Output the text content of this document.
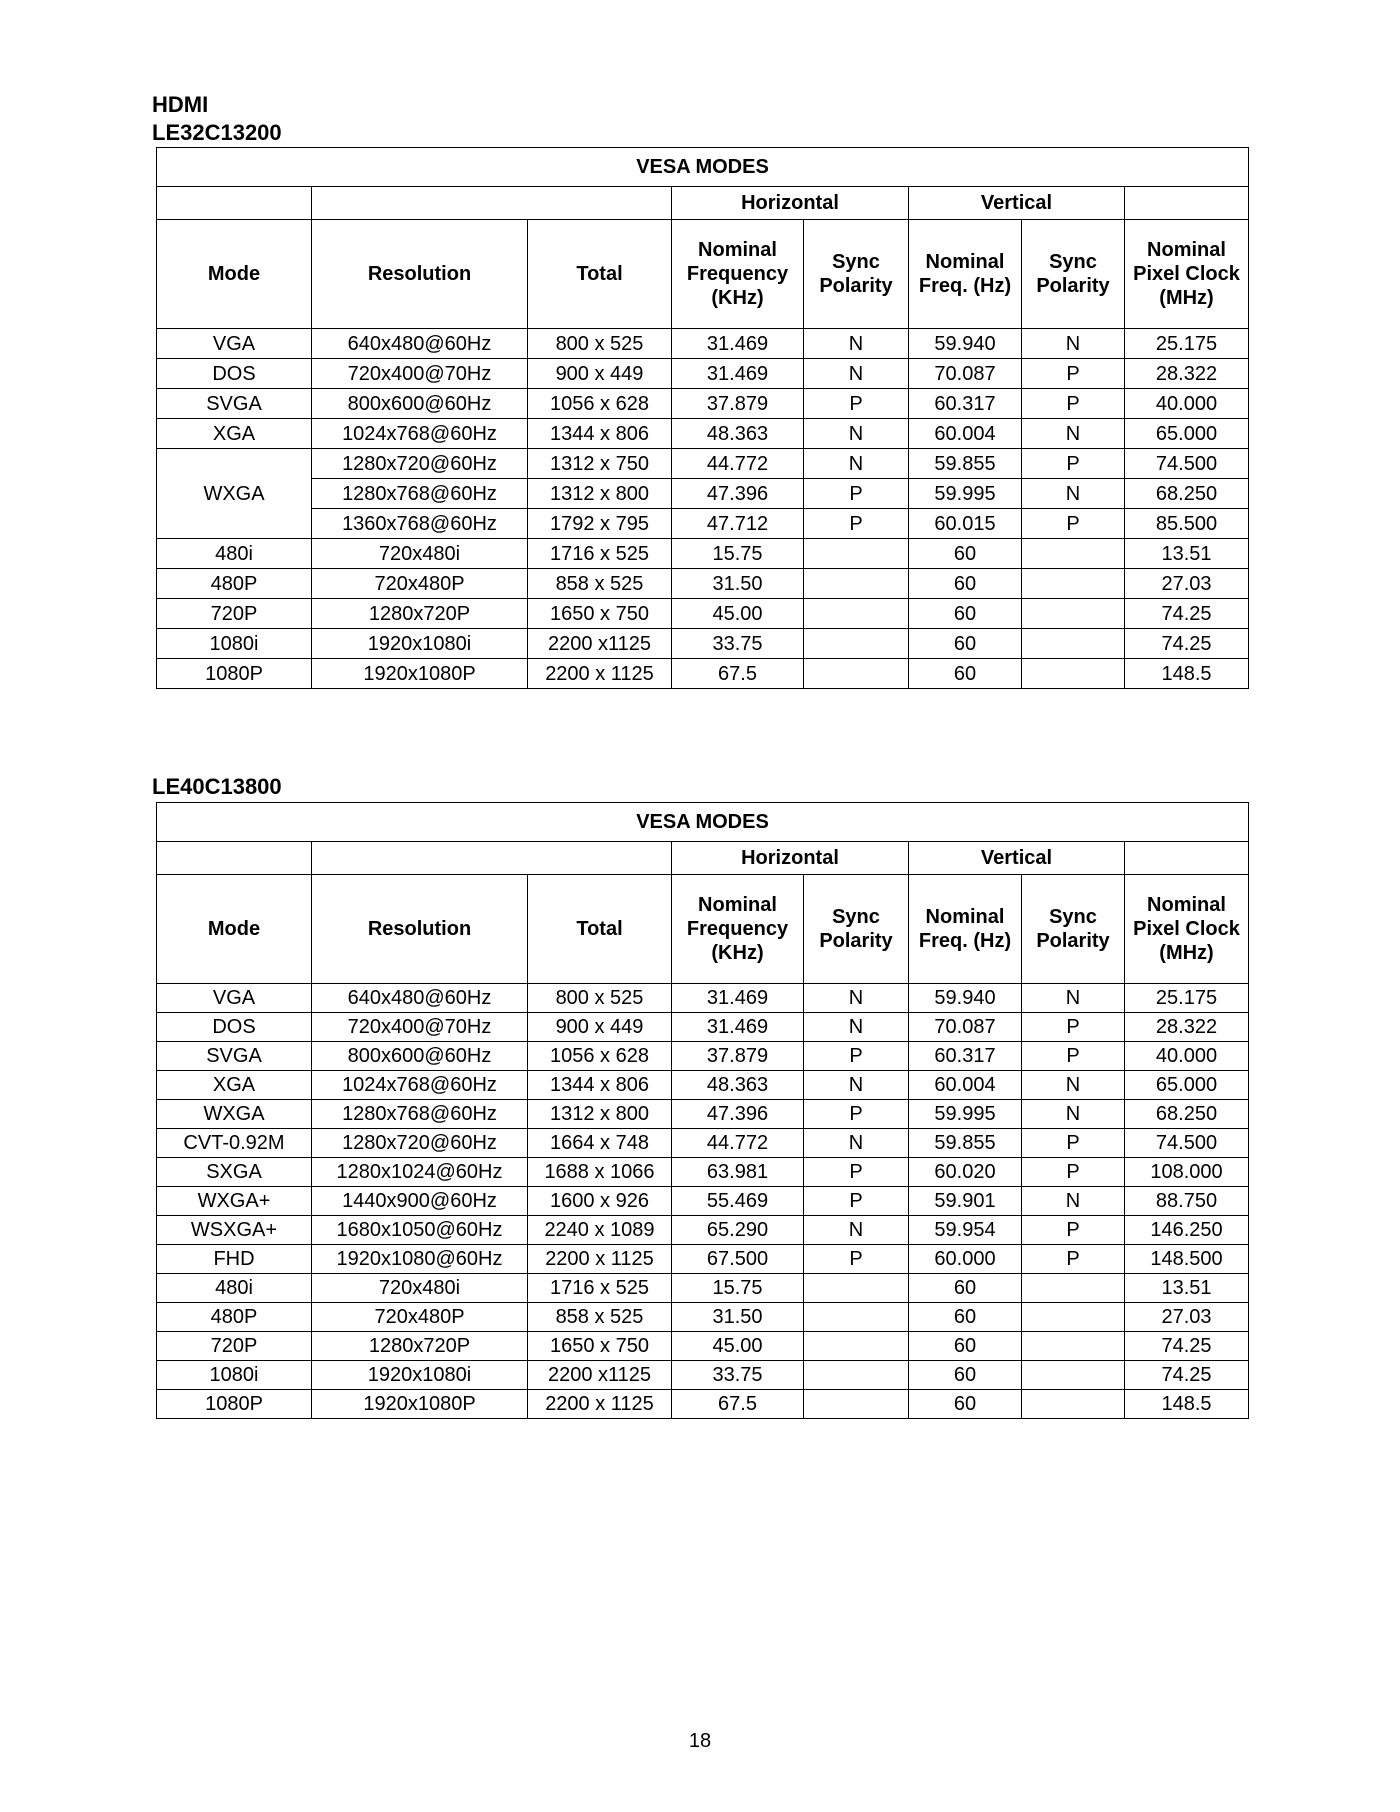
HDMI
LE32C13200
VESA MODES							
			Horizontal		Vertical		
Mode	Resolution	Total	Nominal Frequency (KHz)	Sync Polarity	Nominal Freq. (Hz)	Sync Polarity	Nominal Pixel Clock (MHz)
VGA	640x480@60Hz	800 x 525	31.469	N	59.940	N	25.175
DOS	720x400@70Hz	900 x 449	31.469	N	70.087	P	28.322
SVGA	800x600@60Hz	1056 x 628	37.879	P	60.317	P	40.000
XGA	1024x768@60Hz	1344 x 806	48.363	N	60.004	N	65.000
WXGA	1280x720@60Hz	1312 x 750	44.772	N	59.855	P	74.500
	1280x768@60Hz	1312 x 800	47.396	P	59.995	N	68.250
	1360x768@60Hz	1792 x 795	47.712	P	60.015	P	85.500
480i	720x480i	1716 x 525	15.75		60		13.51
480P	720x480P	858 x 525	31.50		60		27.03
720P	1280x720P	1650 x 750	45.00		60		74.25
1080i	1920x1080i	2200 x1125	33.75		60		74.25
1080P	1920x1080P	2200 x 1125	67.5		60		148.5
LE40C13800
VESA MODES							
			Horizontal		Vertical		
Mode	Resolution	Total	Nominal Frequency (KHz)	Sync Polarity	Nominal Freq. (Hz)	Sync Polarity	Nominal Pixel Clock (MHz)
VGA	640x480@60Hz	800 x 525	31.469	N	59.940	N	25.175
DOS	720x400@70Hz	900 x 449	31.469	N	70.087	P	28.322
SVGA	800x600@60Hz	1056 x 628	37.879	P	60.317	P	40.000
XGA	1024x768@60Hz	1344 x 806	48.363	N	60.004	N	65.000
WXGA	1280x768@60Hz	1312 x 800	47.396	P	59.995	N	68.250
CVT-0.92M	1280x720@60Hz	1664 x 748	44.772	N	59.855	P	74.500
SXGA	1280x1024@60Hz	1688 x 1066	63.981	P	60.020	P	108.000
WXGA+	1440x900@60Hz	1600 x 926	55.469	P	59.901	N	88.750
WSXGA+	1680x1050@60Hz	2240 x 1089	65.290	N	59.954	P	146.250
FHD	1920x1080@60Hz	2200 x 1125	67.500	P	60.000	P	148.500
480i	720x480i	1716 x 525	15.75		60		13.51
480P	720x480P	858 x 525	31.50		60		27.03
720P	1280x720P	1650 x 750	45.00		60		74.25
1080i	1920x1080i	2200 x1125	33.75		60		74.25
1080P	1920x1080P	2200 x 1125	67.5		60		148.5
18
